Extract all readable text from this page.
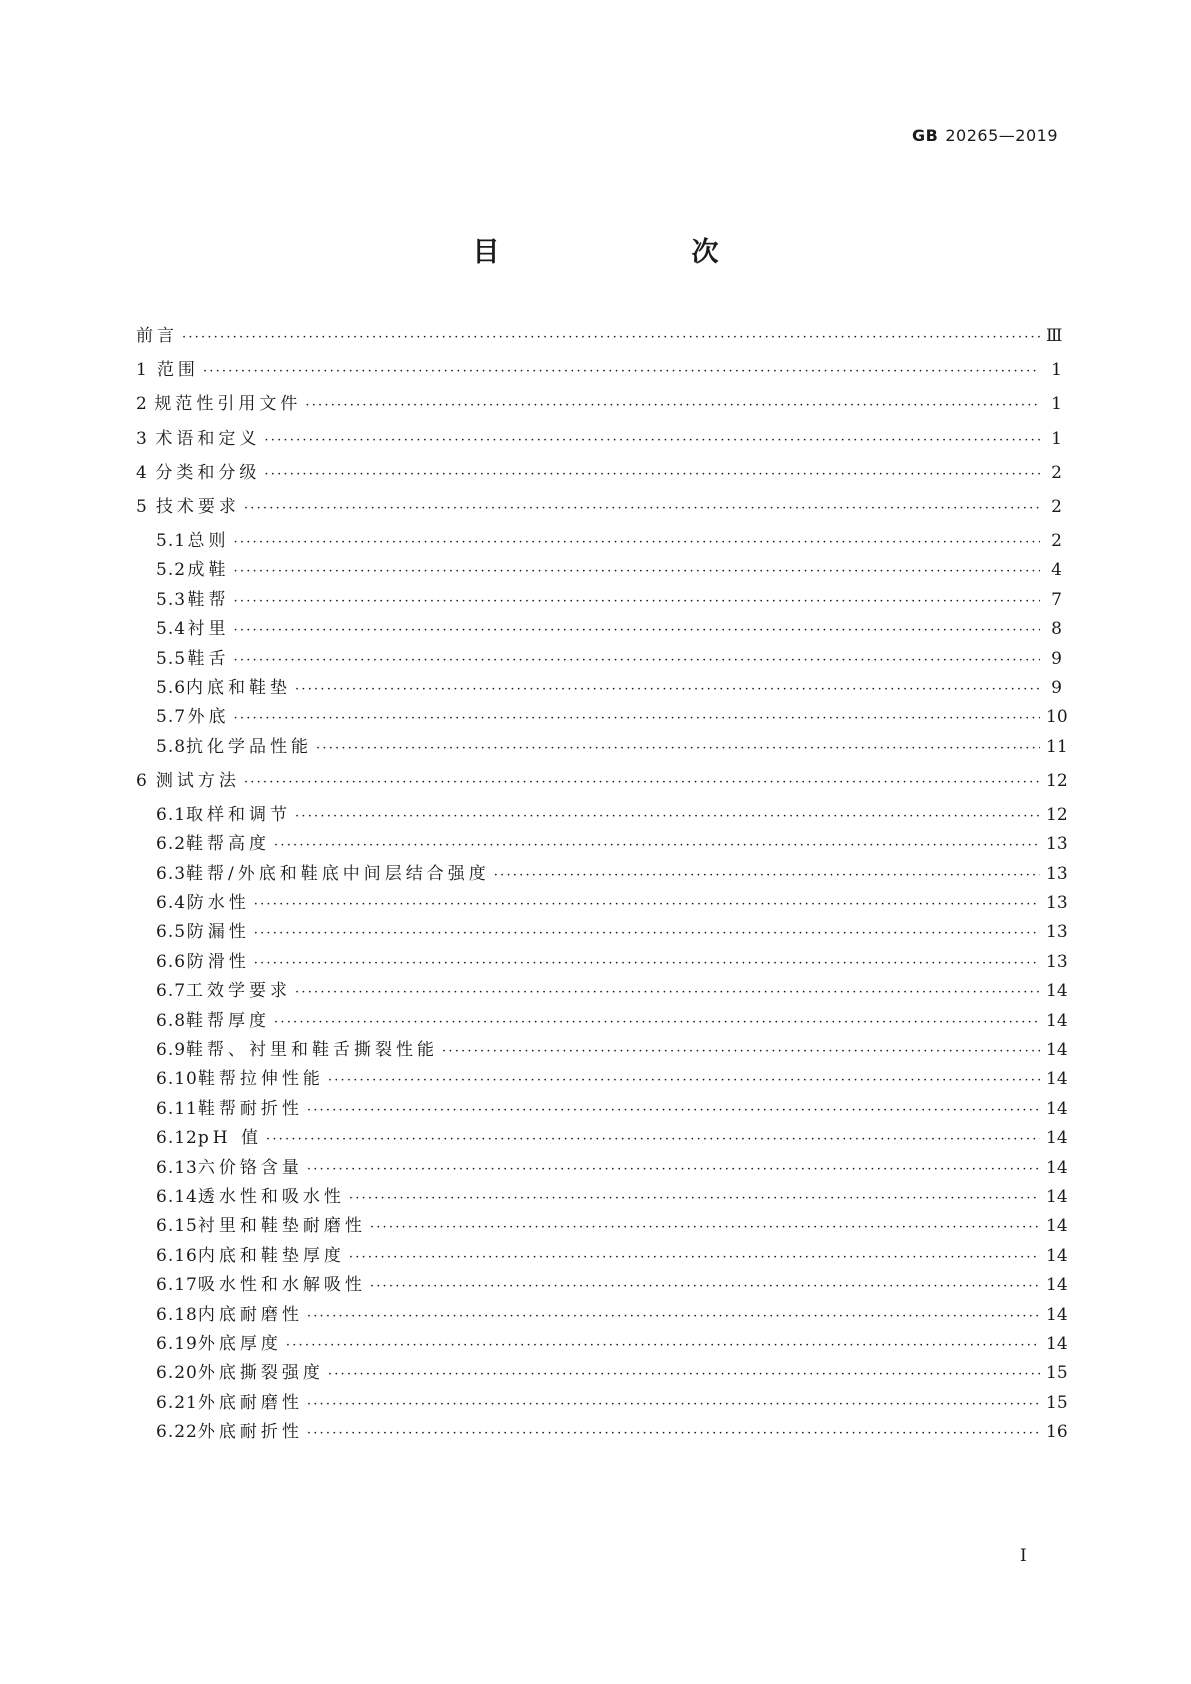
GB 20265—2019
目　　次
前言 ·····	Ⅲ
1 范围 ·····	1
2 规范性引用文件 ·····	1
3 术语和定义 ·····	1
4 分类和分级 ·····	2
5 技术要求 ·····	2
5.1 总则 ·····	2
5.2 成鞋 ·····	4
5.3 鞋帮 ·····	7
5.4 衬里 ·····	8
5.5 鞋舌 ·····	9
5.6 内底和鞋垫 ·····	9
5.7 外底 ·····	10
5.8 抗化学品性能 ·····	11
6 测试方法 ·····	12
6.1 取样和调节 ·····	12
6.2 鞋帮高度 ·····	13
6.3 鞋帮/外底和鞋底中间层结合强度 ·····	13
6.4 防水性 ·····	13
6.5 防漏性 ·····	13
6.6 防滑性 ·····	13
6.7 工效学要求 ·····	14
6.8 鞋帮厚度 ·····	14
6.9 鞋帮、衬里和鞋舌撕裂性能 ·····	14
6.10 鞋帮拉伸性能 ·····	14
6.11 鞋帮耐折性 ·····	14
6.12 pH 值 ·····	14
6.13 六价铬含量 ·····	14
6.14 透水性和吸水性 ·····	14
6.15 衬里和鞋垫耐磨性 ·····	14
6.16 内底和鞋垫厚度 ·····	14
6.17 吸水性和水解吸性 ·····	14
6.18 内底耐磨性 ·····	14
6.19 外底厚度 ·····	14
6.20 外底撕裂强度 ·····	15
6.21 外底耐磨性 ·····	15
6.22 外底耐折性 ·····	16
I
